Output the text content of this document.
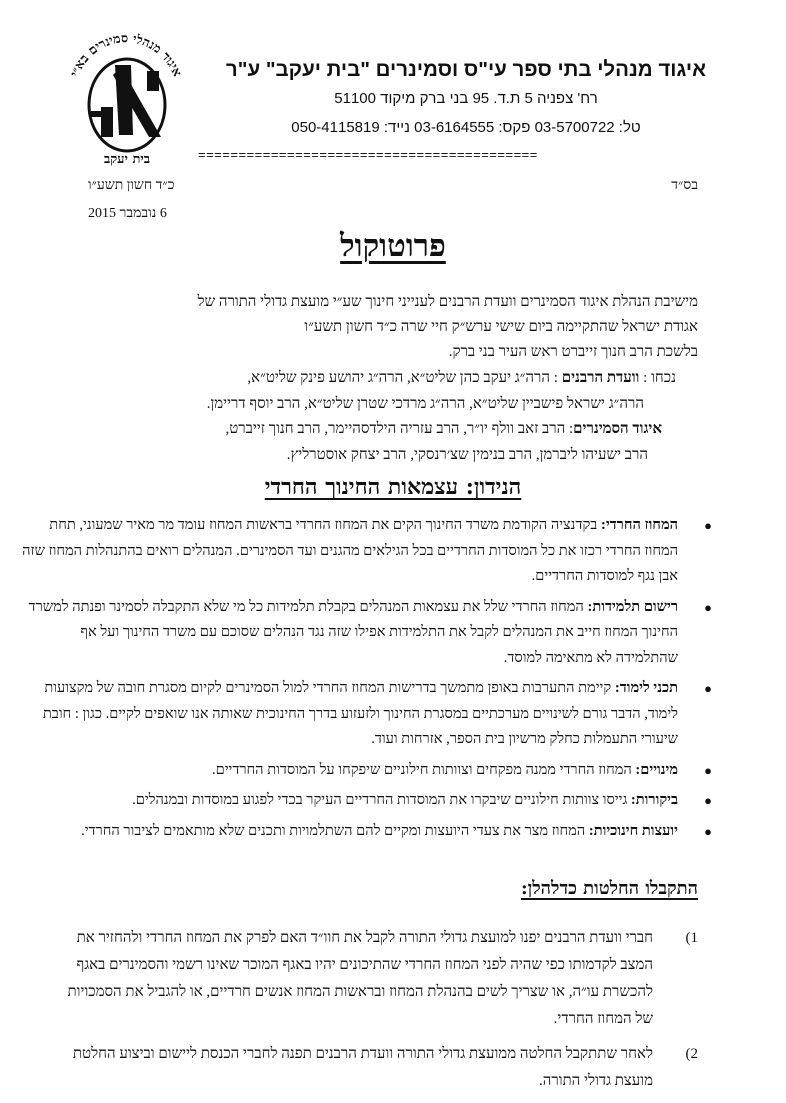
איגוד מנהלי סמינרים בא״י
בית יעקב
איגוד מנהלי בתי ספר עי"ס וסמינרים "בית יעקב" ע"ר
רח' צפניה 5 ת.ד. 95 בני ברק מיקוד 51100
טל: 03-5700722 פקס: 03-6164555 נייד: 050-4115819
==========================================
בס״ד
כ״ד חשון תשע״ו
6 נובמבר 2015
פרוטוקול
מישיבת הנהלת איגוד הסמינרים וועדת הרבנים לענייני חינוך שע״י מועצת גדולי התורה של
אגודת ישראל שהתקיימה ביום שישי ערש״ק חיי שרה כ״ד חשון תשע״ו
בלשכת הרב חנוך זייברט ראש העיר בני ברק.
נכחו : וועדת הרבנים : הרה״ג יעקב כהן שליט״א, הרה״ג יהושע פינק שליט״א,
הרה״ג ישראל פישביין שליט״א, הרה״ג מרדכי שטרן שליט״א, הרב יוסף דריימן.
איגוד הסמינרים: הרב זאב וולף יו״ר, הרב עזריה הילדסהיימר, הרב חנוך זייברט,
הרב ישעיהו ליברמן, הרב בנימין שצ׳רנסקי, הרב יצחק אוסטרליץ.
הנידון: עצמאות החינוך החרדי
●
המחוז החרדי: בקדנציה הקודמת משרד החינוך הקים את המחוז החרדי בראשות המחוז עומד מר מאיר שמעוני, תחת המחוז החרדי רכזו את כל המוסדות החרדיים בכל הגילאים מהגנים ועד הסמינרים. המנהלים רואים בהתנהלות המחוז שזה אבן נגף למוסדות החרדיים.
●
רישום תלמידות: המחוז החרדי שלל את עצמאות המנהלים בקבלת תלמידות כל מי שלא התקבלה לסמינר ופנתה למשרד החינוך המחוז חייב את המנהלים לקבל את התלמידות אפילו שזה נגד הנהלים שסוכם עם משרד החינוך ועל אף שהתלמידה לא מתאימה למוסד.
●
תכני לימוד: קיימת התערבות באופן מתמשך בדרישות המחוז החרדי למול הסמינרים לקיום מסגרת חובה של מקצועות לימוד, הדבר גורם לשינויים מערכתיים במסגרת החינוך ולזעזוע בדרך החינוכית שאותה אנו שואפים לקיים. כגון : חובת שיעורי התעמלות כחלק מרשיון בית הספר, אזרחות ועוד.
●
מינויים: המחוז החרדי ממנה מפקחים וצוותות חילוניים שיפקחו על המוסדות החרדיים.
●
ביקורות: גייסו צוותות חילוניים שיבקרו את המוסדות החרדיים העיקר בכדי לפגוע במוסדות ובמנהלים.
●
יועצות חינוכיות: המחוז מצר את צעדי היועצות ומקיים להם השתלמויות ותכנים שלא מותאמים לציבור החרדי.
התקבלו החלטות כדלהלן:
(1
חברי וועדת הרבנים יפנו למועצת גדולי התורה לקבל את חוו״ד האם לפרק את המחוז החרדי ולהחזיר את המצב לקדמותו כפי שהיה לפני המחוז החרדי שהתיכונים יהיו באגף המוכר שאינו רשמי והסמינרים באגף להכשרת עו״ה, או שצריך לשים בהנהלת המחוז ובראשות המחוז אנשים חרדיים, או להגביל את הסמכויות של המחוז החרדי.
(2
לאחר שתתקבל החלטה ממועצת גדולי התורה וועדת הרבנים תפנה לחברי הכנסת ליישום וביצוע החלטת מועצת גדולי התורה.
